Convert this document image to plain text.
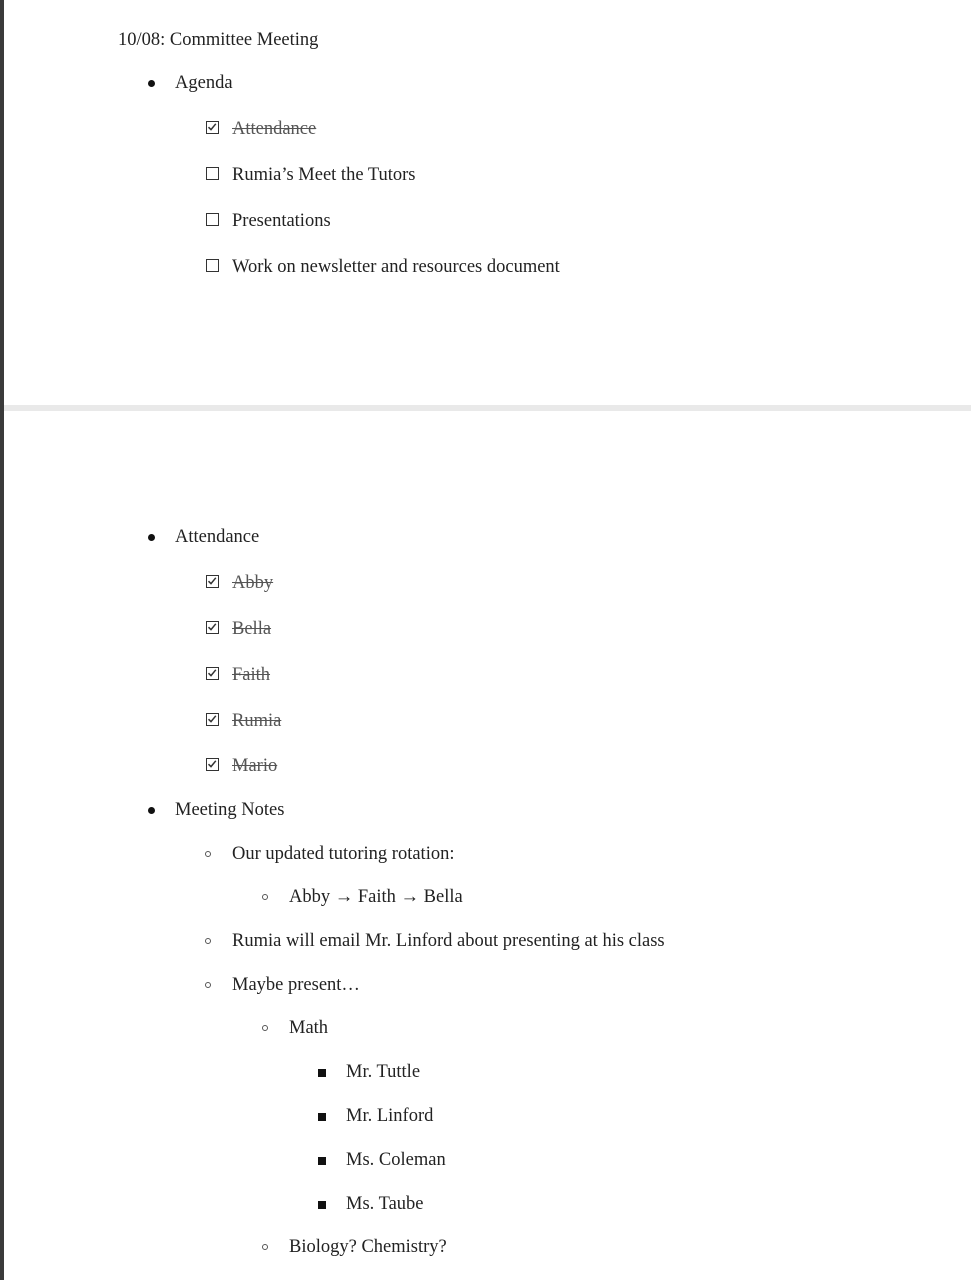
10/08: Committee Meeting
Agenda
Attendance
Rumia’s Meet the Tutors
Presentations
Work on newsletter and resources document
Attendance
Abby
Bella
Faith
Rumia
Mario
Meeting Notes
Our updated tutoring rotation:
Abby → Faith → Bella
Rumia will email Mr. Linford about presenting at his class
Maybe present…
Math
Mr. Tuttle
Mr. Linford
Ms. Coleman
Ms. Taube
Biology? Chemistry?
